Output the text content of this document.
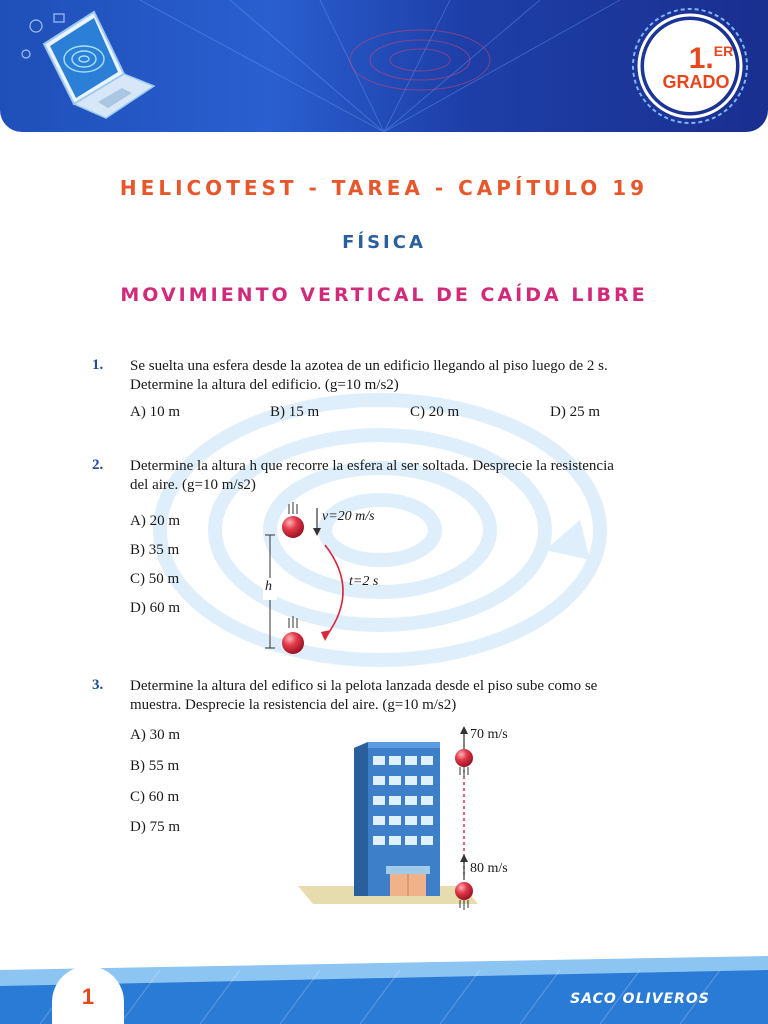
1.$^{ER}$
GRADO
HELICOTEST - TAREA - CAPÍTULO 19
FÍSICA
MOVIMIENTO VERTICAL DE CAÍDA LIBRE
1. Se suelta una esfera desde la azotea de un edificio llegando al piso luego de 2 s.
Determine la altura del edificio. (g=10 m/s2)
A) 10 m	B) 15 m	C) 20 m	D) 25 m
2. Determine la altura h que recorre la esfera al ser soltada. Desprecie la resistencia
del aire. (g=10 m/s2)
A) 20 m
B) 35 m
C) 50 m
D) 60 m
v=20 m/s
t=2 s
h
3. Determine la altura del edifico si la pelota lanzada desde el piso sube como se
muestra. Desprecie la resistencia del aire. (g=10 m/s2)
A) 30 m
B) 55 m
C) 60 m
D) 75 m
70 m/s
80 m/s
1	SACO OLIVEROS
